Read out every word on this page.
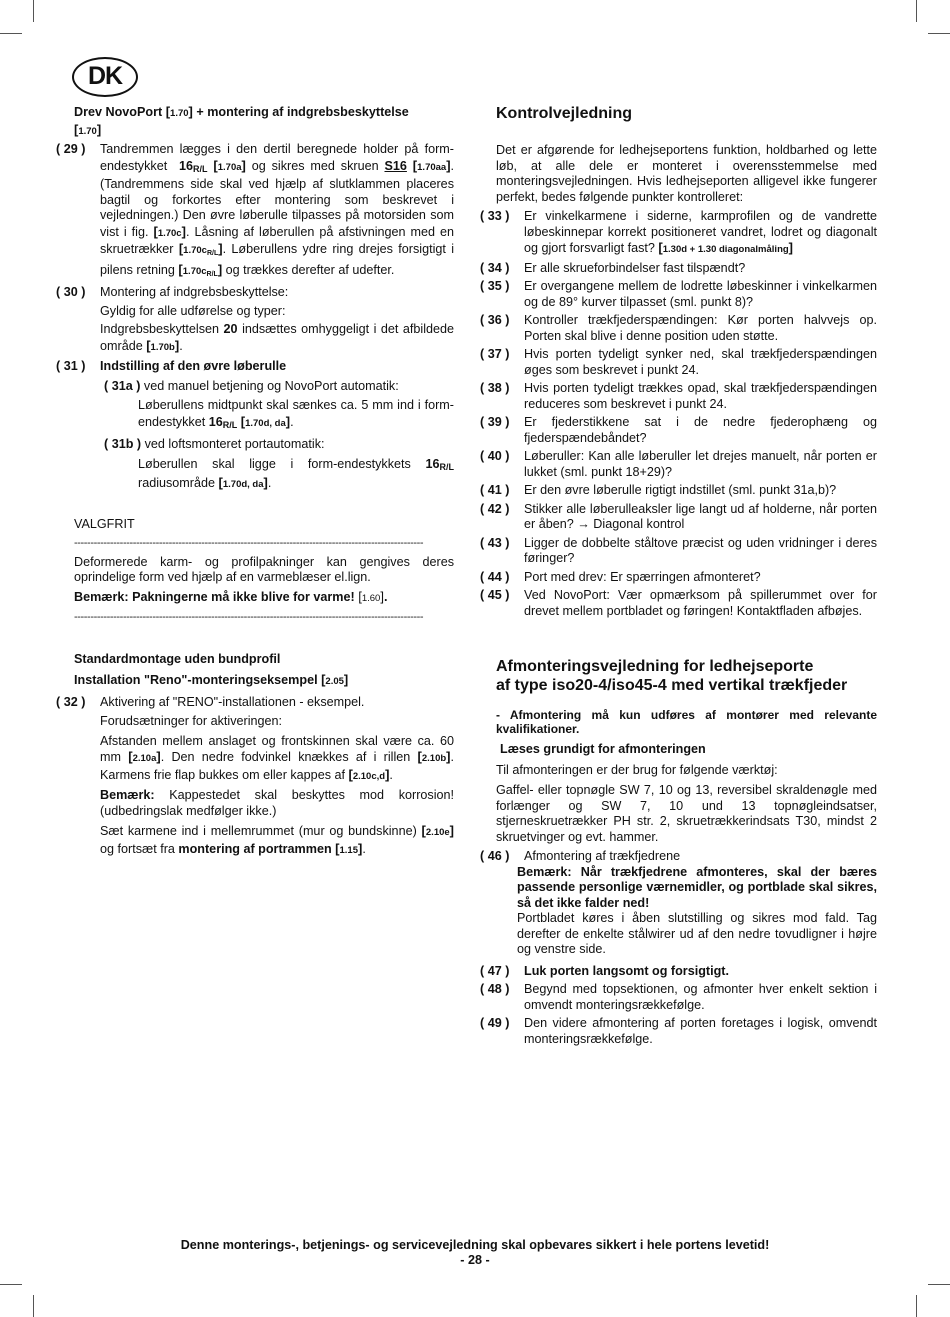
DK

Drev NovoPort [1.70] + montering af indgrebsbeskyttelse
[1.70]

( 29 ) Tandremmen lægges i den dertil beregnede holder på form-endestykket $16_{R/L}$ [1.70a] og sikres med skruen S16 [1.70aa]. (Tandremmens side skal ved hjælp af slutklammen placeres bagtil og forkortes efter montering som beskrevet i vejledningen.) Den øvre løberulle tilpasses på motorsiden som vist i fig. [1.70c]. Låsning af løberullen på afstivningen med en skruetrækker $[1.70c_{R/L}]$. Løberullens ydre ring drejes forsigtigt i pilens retning $[1.70c_{R/L}]$ og trækkes derefter af udefter.
( 30 ) Montering af indgrebsbeskyttelse:

Gyldig for alle udførelse og typer:

Indgrebsbeskyttelsen 20 indsættes omhyggeligt i det afbildede område [1.70b].

( 31 ) Indstilling af den øvre løberulle

( 31a ) ved manuel betjening og NovoPort automatik:

Løberullens midtpunkt skal sænkes ca. 5 mm ind i form-endestykket $16_{R/L}$ [1.70d, da].

( 31b ) ved loftsmonteret portautomatik:

Løberullen skal ligge i form-endestykkets $16_{R/L}$ radiusområde [1.70d, da].

VALGFRIT

-----------------------------------------------------------------------------------------------------------

Deformerede karm- og profilpakninger kan gengives deres oprindelige form ved hjælp af en varmeblæser el.lign.

Bemærk: Pakningerne må ikke blive for varme! [1.60].

-----------------------------------------------------------------------------------------------------------

Standardmontage uden bundprofil

Installation "Reno"-monteringseksempel [2.05]

( 32 ) Aktivering af "RENO"-installationen - eksempel.

Forudsætninger for aktiveringen:

Afstanden mellem anslaget og frontskinnen skal være ca. 60 mm [2.10a]. Den nedre fodvinkel knækkes af i rillen [2.10b]. Karmens frie flap bukkes om eller kappes af [2.10c,d].

Bemærk: Kappestedet skal beskyttes mod korrosion! (udbedringslak medfølger ikke.)

Sæt karmene ind i mellemrummet (mur og bundskinne) [2.10e] og fortsæt fra montering af portrammen [1.15].

Kontrolvejledning

Det er afgørende for ledhejseportens funktion, holdbarhed og lette løb, at alle dele er monteret i overensstemmelse med monteringsvejledningen. Hvis ledhejseporten alligevel ikke fungerer perfekt, bedes følgende punkter kontrolleret:

( 33 ) Er vinkelkarmene i siderne, karmprofilen og de vandrette løbeskinnepar korrekt positioneret vandret, lodret og diagonalt og gjort forsvarligt fast? [1.30d + 1.30 diagonalmåling]
( 34 ) Er alle skrueforbindelser fast tilspændt?
( 35 ) Er overgangene mellem de lodrette løbeskinner i vinkelkarmen og de 89° kurver tilpasset (sml. punkt 8)?
( 36 ) Kontroller trækfjederspændingen: Kør porten halvvejs op. Porten skal blive i denne position uden støtte.
( 37 ) Hvis porten tydeligt synker ned, skal trækfjederspændingen øges som beskrevet i punkt 24.
( 38 ) Hvis porten tydeligt trækkes opad, skal trækfjederspændingen reduceres som beskrevet i punkt 24.
( 39 ) Er fjederstikkene sat i de nedre fjederophæng og fjederspændebåndet?
( 40 ) Løberuller: Kan alle løberuller let drejes manuelt, når porten er lukket (sml. punkt 18+29)?
( 41 ) Er den øvre løberulle rigtigt indstillet (sml. punkt 31a,b)?
( 42 ) Stikker alle løberulleaksler lige langt ud af holderne, når porten er åben? → Diagonal kontrol
( 43 ) Ligger de dobbelte ståltove præcist og uden vridninger i deres føringer?
( 44 ) Port med drev: Er spærringen afmonteret?
( 45 ) Ved NovoPort: Vær opmærksom på spillerummet over for drevet mellem portbladet og føringen! Kontaktfladen afbøjes.

Afmonteringsvejledning for ledhejseporte
af type iso20-4/iso45-4 med vertikal trækfjeder

- Afmontering må kun udføres af montører med relevante kvalifikationer.

Læses grundigt for afmonteringen

Til afmonteringen er der brug for følgende værktøj:

Gaffel- eller topnøgle SW 7, 10 og 13, reversibel skraldenøgle med forlænger og SW 7, 10 und 13 topnøgleindsatser, stjerneskruetrækker PH str. 2, skruetrækkerindsats T30, mindst 2 skruetvinger og evt. hammer.

( 46 ) Afmontering af trækfjedrene

Bemærk: Når trækfjedrene afmonteres, skal der bæres passende personlige værnemidler, og portblade skal sikres, så det ikke falder ned!

Portbladet køres i åben slutstilling og sikres mod fald. Tag derefter de enkelte stålwirer ud af den nedre tovudligner i højre og venstre side.

( 47 ) Luk porten langsomt og forsigtigt.
( 48 ) Begynd med topsektionen, og afmonter hver enkelt sektion i omvendt monteringsrækkefølge.
( 49 ) Den videre afmontering af porten foretages i logisk, omvendt monteringsrækkefølge.
Denne monterings-, betjenings- og servicevejledning skal opbevares sikkert i hele portens levetid!
- 28 -
